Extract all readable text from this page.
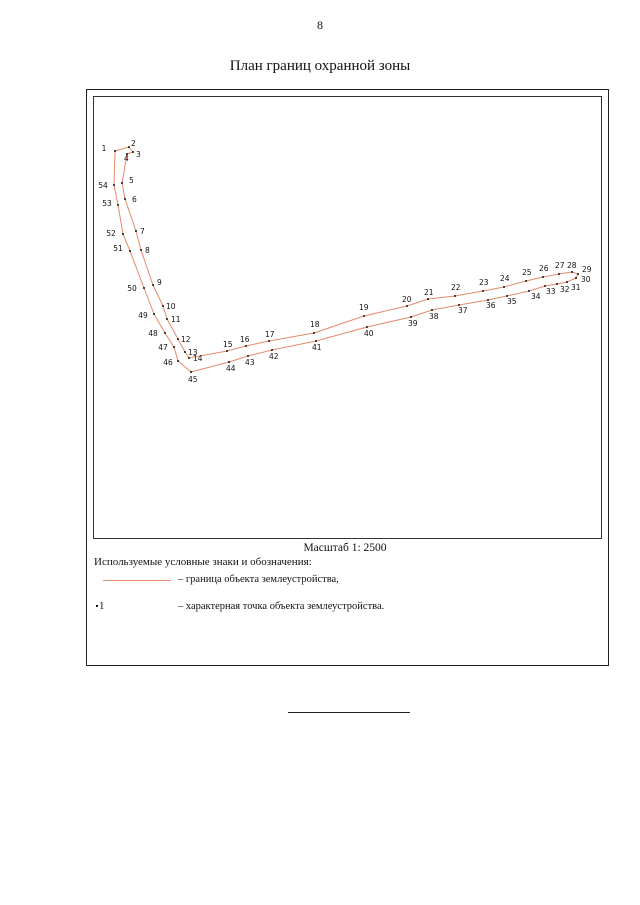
8
План границ охранной зоны
1
2
3
4
5
6
7
8
9
10
11
12
13
14
15
16
17
18
19
20
21
22
23 24
25 26 27 28 29
30
31
32
33
34
35
36
37
38
39
40
41
42
43
44
45
46
47
48
49
50
51
52
53
54
Масштаб 1: 2500
Используемые условные знаки и обозначения:
– граница объекта землеустройства,
1	– характерная точка объекта землеустройства.
